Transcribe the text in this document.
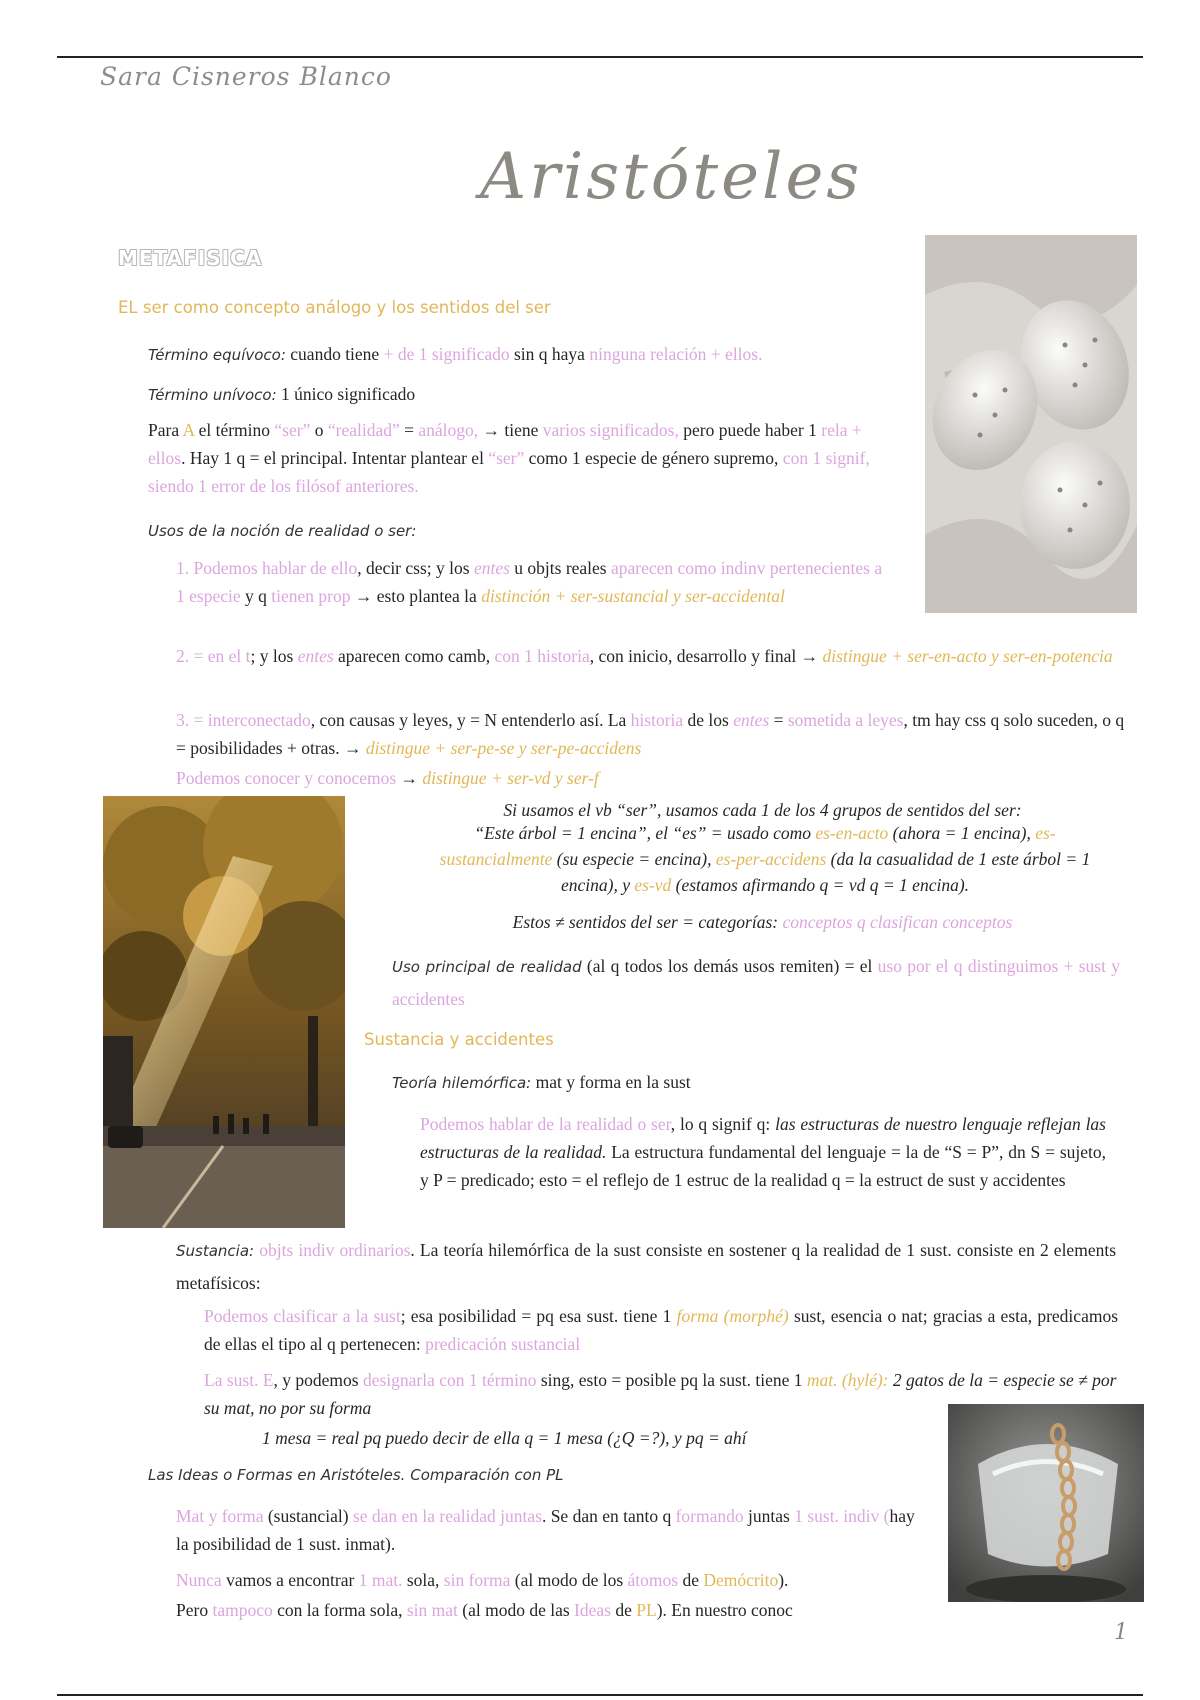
Sara Cisneros Blanco
Aristóteles
METAFISICA
EL ser como concepto análogo y los sentidos del ser
Término equívoco: cuando tiene + de 1 significado sin q haya ninguna relación + ellos.
Término unívoco: 1 único significado
Para A el término “ser” o “realidad” = análogo, → tiene varios significados, pero puede haber 1 rela + ellos. Hay 1 q = el principal. Intentar plantear el “ser” como 1 especie de género supremo, con 1 signif, siendo 1 error de los filósof anteriores.
Usos de la noción de realidad o ser:
1. Podemos hablar de ello, decir css; y los entes u objts reales aparecen como indinv pertenecientes a 1 especie y q tienen prop → esto plantea la distinción + ser-sustancial y ser-accidental
2. = en el t; y los entes aparecen como camb, con 1 historia, con inicio, desarrollo y final → distingue + ser-en-acto y ser-en-potencia
3. = interconectado, con causas y leyes, y = N entenderlo así. La historia de los entes = sometida a leyes, tm hay css q solo suceden, o q = posibilidades + otras. → distingue + ser-pe-se y ser-pe-accidens
Podemos conocer y conocemos → distingue + ser-vd y ser-f
Si usamos el vb “ser”, usamos cada 1 de los 4 grupos de sentidos del ser:
“Este árbol = 1 encina”, el “es” = usado como es-en-acto (ahora = 1 encina), es-sustancialmente (su especie = encina), es-per-accidens (da la casualidad de 1 este árbol = 1 encina), y es-vd (estamos afirmando q = vd q = 1 encina).
Estos ≠ sentidos del ser = categorías: conceptos q clasifican conceptos
Uso principal de realidad (al q todos los demás usos remiten) = el uso por el q distinguimos + sust y accidentes
Sustancia y accidentes
Teoría hilemórfica: mat y forma en la sust
Podemos hablar de la realidad o ser, lo q signif q: las estructuras de nuestro lenguaje reflejan las estructuras de la realidad. La estructura fundamental del lenguaje = la de “S = P”, dn S = sujeto, y P = predicado; esto = el reflejo de 1 estruc de la realidad q = la estruct de sust y accidentes
Sustancia: objts indiv ordinarios. La teoría hilemórfica de la sust consiste en sostener q la realidad de 1 sust. consiste en 2 elements metafísicos:
Podemos clasificar a la sust; esa posibilidad = pq esa sust. tiene 1 forma (morphé) sust, esencia o nat; gracias a esta, predicamos de ellas el tipo al q pertenecen: predicación sustancial
La sust. E, y podemos designarla con 1 término sing, esto = posible pq la sust. tiene 1 mat. (hylé): 2 gatos de la = especie se ≠ por su mat, no por su forma
1 mesa = real pq puedo decir de ella q = 1 mesa (¿Q =?), y pq = ahí
Las Ideas o Formas en Aristóteles. Comparación con PL
Mat y forma (sustancial) se dan en la realidad juntas. Se dan en tanto q formando juntas 1 sust. indiv (hay la posibilidad de 1 sust. inmat).
Nunca vamos a encontrar 1 mat. sola, sin forma (al modo de los átomos de Demócrito).
Pero tampoco con la forma sola, sin mat (al modo de las Ideas de PL). En nuestro conoc
1
